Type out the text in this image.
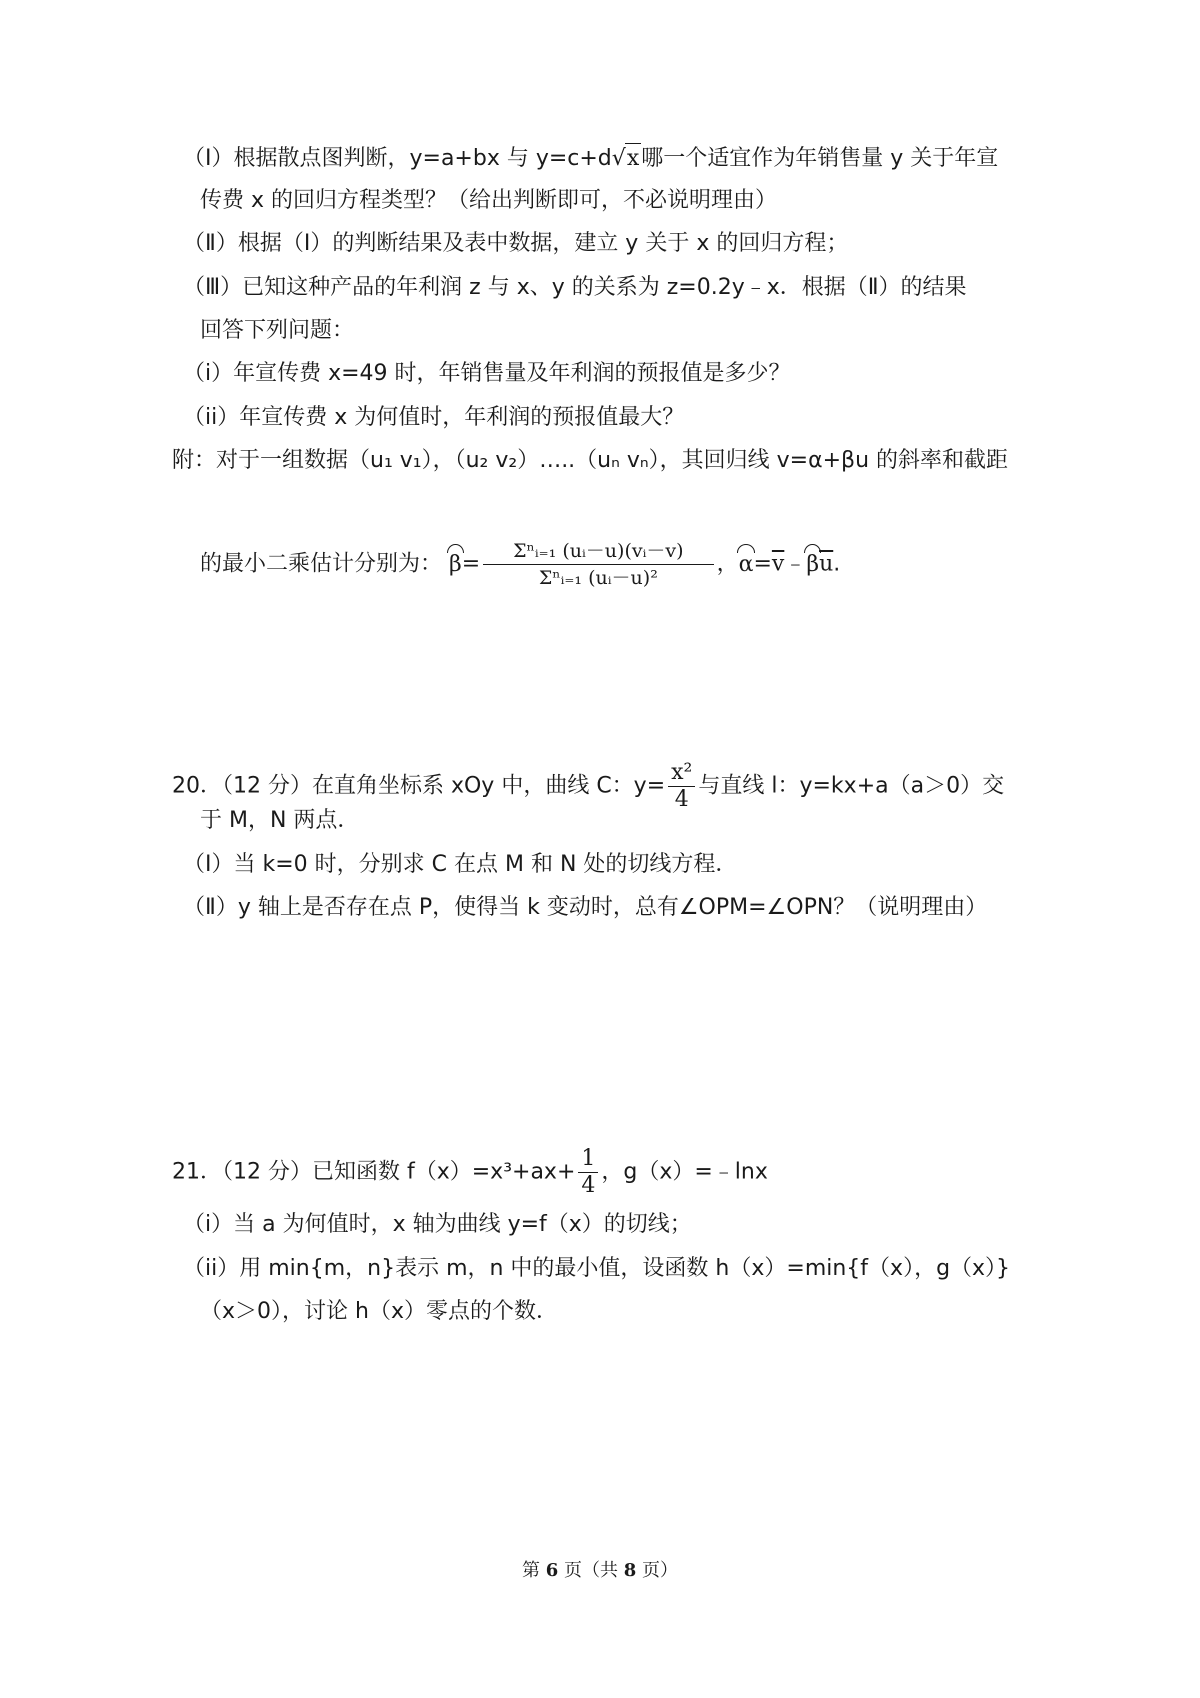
（Ⅰ）根据散点图判断，y=a+bx 与 y=c+d√x哪一个适宜作为年销售量 y 关于年宣
传费 x 的回归方程类型？（给出判断即可，不必说明理由）
（Ⅱ）根据（Ⅰ）的判断结果及表中数据，建立 y 关于 x 的回归方程；
（Ⅲ）已知这种产品的年利润 z 与 x、y 的关系为 z=0.2y﹣x．根据（Ⅱ）的结果
回答下列问题：
（i）年宣传费 x=49 时，年销售量及年利润的预报值是多少？
（ii）年宣传费 x 为何值时，年利润的预报值最大？
附：对于一组数据（u₁ v₁），（u₂ v₂）…..（uₙ vₙ），其回归线 v=α+βu 的斜率和截距
的最小二乘估计分别为： $\beta= \frac{\text{Σⁿᵢ₌₁ (uᵢ－u)(vᵢ－v)}}{\text{Σⁿᵢ₌₁ (uᵢ－u)²}}$ ，$\alpha=\overline{v}﹣\beta\overline{u}$.
20．（12 分）在直角坐标系 xOy 中，曲线 C：$y= \frac{\text{x²}}{4}$ 与直线 l：y=kx+a（a＞0）交
于 M，N 两点．
（Ⅰ）当 k=0 时，分别求 C 在点 M 和 N 处的切线方程．
（Ⅱ）y 轴上是否存在点 P，使得当 k 变动时，总有∠OPM=∠OPN？（说明理由）
21．（12 分）已知函数 $f(x)=x^3+ax+ \frac{1}{4}$ ，g（x）=﹣lnx
（i）当 a 为何值时，x 轴为曲线 y=f（x）的切线；
（ii）用 min{m，n}表示 m，n 中的最小值，设函数 h（x）=min{f（x），g（x）}
（x＞0），讨论 h（x）零点的个数．
第 6 页（共 8 页）
